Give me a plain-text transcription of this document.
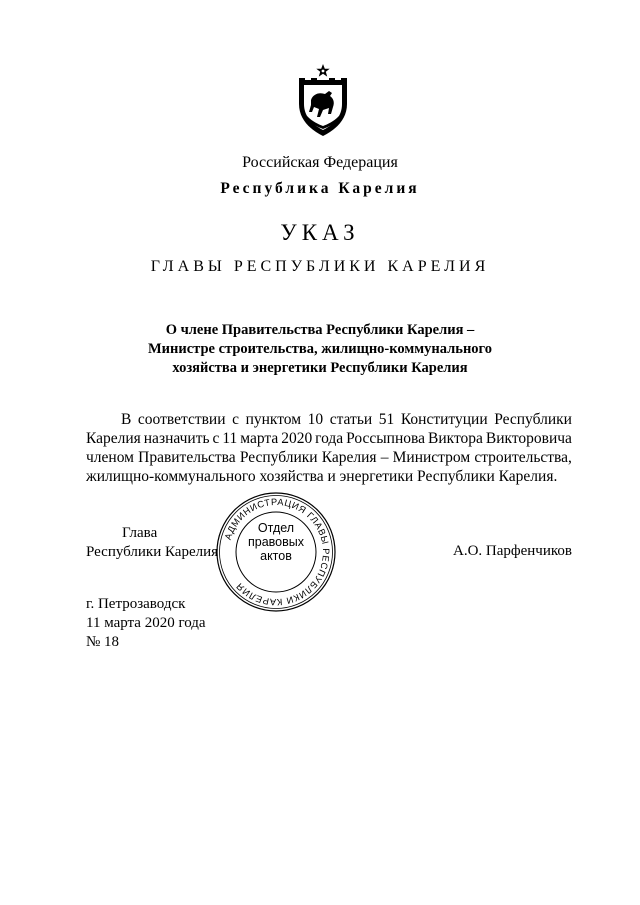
Российская Федерация
Республика Карелия
УКАЗ
ГЛАВЫ РЕСПУБЛИКИ КАРЕЛИЯ
О члене Правительства Республики Карелия –
Министре строительства, жилищно-коммунального
хозяйства и энергетики Республики Карелия
В соответствии с пунктом 10 статьи 51 Конституции Республики
Карелия назначить с 11 марта 2020 года Россыпнова Виктора Викторовича
членом Правительства Республики Карелия – Министром строительства,
жилищно-коммунального хозяйства и энергетики Республики Карелия.
Глава
Республики Карелия
АДМИНИСТРАЦИЯ ГЛАВЫ РЕСПУБЛИКИ КАРЕЛИЯ
Отдел
правовых
актов	А.О. Парфенчиков
г. Петрозаводск
11 марта 2020 года
№ 18
